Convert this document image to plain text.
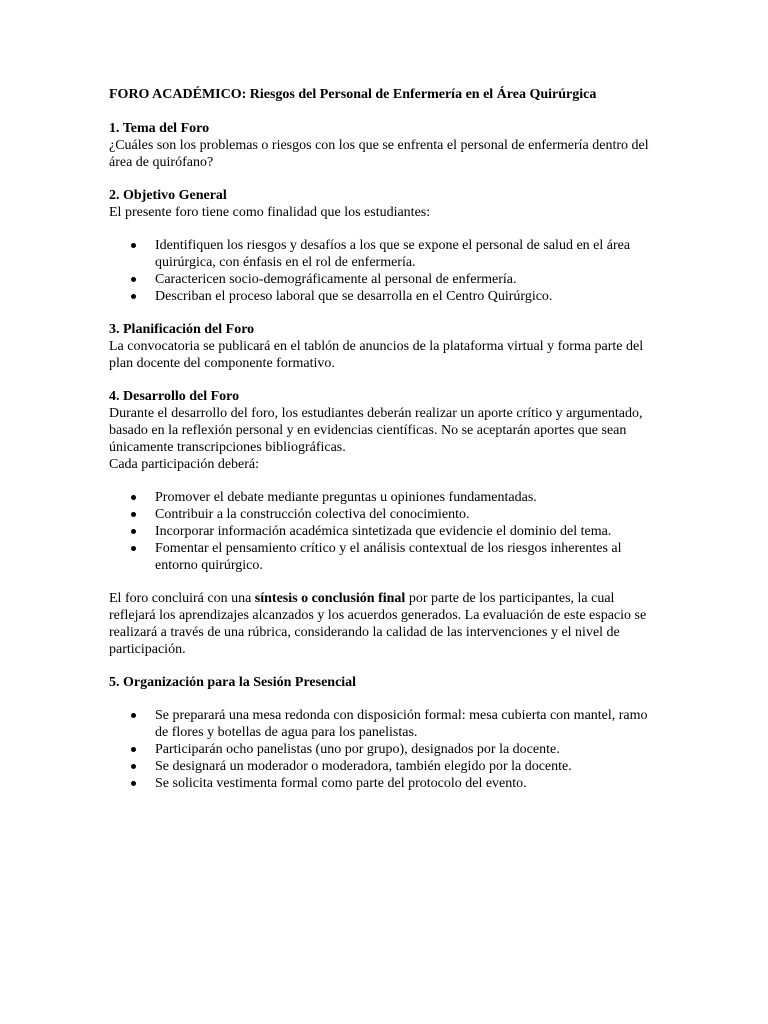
FORO ACADÉMICO: Riesgos del Personal de Enfermería en el Área Quirúrgica

1. Tema del Foro

¿Cuáles son los problemas o riesgos con los que se enfrenta el personal de enfermería dentro del área de quirófano?

2. Objetivo General

El presente foro tiene como finalidad que los estudiantes:

Identifiquen los riesgos y desafíos a los que se expone el personal de salud en el área quirúrgica, con énfasis en el rol de enfermería.
Caractericen socio-demográficamente al personal de enfermería.
Describan el proceso laboral que se desarrolla en el Centro Quirúrgico.

3. Planificación del Foro

La convocatoria se publicará en el tablón de anuncios de la plataforma virtual y forma parte del plan docente del componente formativo.

4. Desarrollo del Foro

Durante el desarrollo del foro, los estudiantes deberán realizar un aporte crítico y argumentado, basado en la reflexión personal y en evidencias científicas. No se aceptarán aportes que sean únicamente transcripciones bibliográficas.

Cada participación deberá:

Promover el debate mediante preguntas u opiniones fundamentadas.
Contribuir a la construcción colectiva del conocimiento.
Incorporar información académica sintetizada que evidencie el dominio del tema.
Fomentar el pensamiento crítico y el análisis contextual de los riesgos inherentes al entorno quirúrgico.

El foro concluirá con una síntesis o conclusión final por parte de los participantes, la cual reflejará los aprendizajes alcanzados y los acuerdos generados. La evaluación de este espacio se realizará a través de una rúbrica, considerando la calidad de las intervenciones y el nivel de participación.

5. Organización para la Sesión Presencial

Se preparará una mesa redonda con disposición formal: mesa cubierta con mantel, ramo de flores y botellas de agua para los panelistas.
Participarán ocho panelistas (uno por grupo), designados por la docente.
Se designará un moderador o moderadora, también elegido por la docente.
Se solicita vestimenta formal como parte del protocolo del evento.
